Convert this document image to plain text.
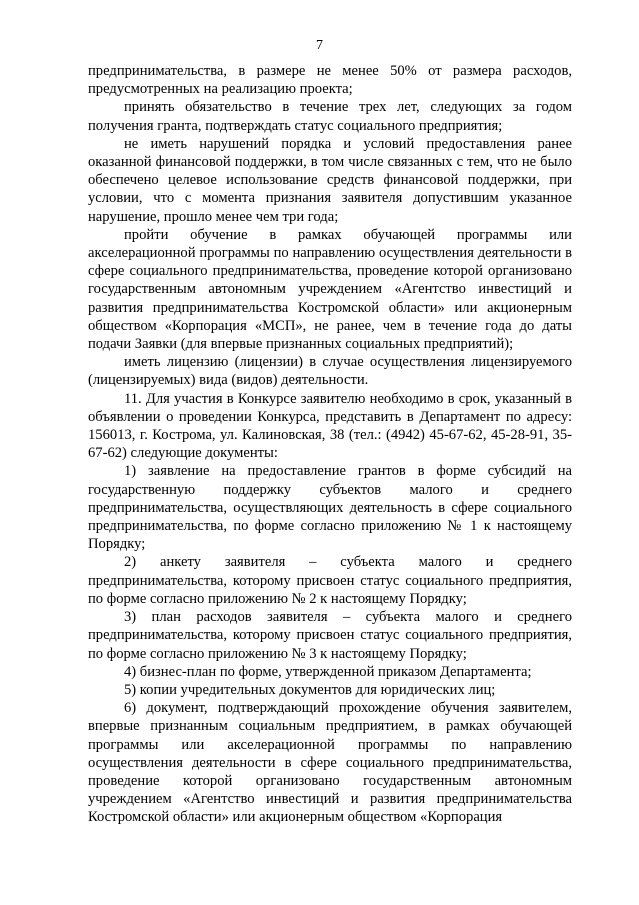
7

предпринимательства, в размере не менее 50% от размера расходов, предусмотренных на реализацию проекта;

принять обязательство в течение трех лет, следующих за годом получения гранта, подтверждать статус социального предприятия;

не иметь нарушений порядка и условий предоставления ранее оказанной финансовой поддержки, в том числе связанных с тем, что не было обеспечено целевое использование средств финансовой поддержки, при условии, что с момента признания заявителя допустившим указанное нарушение, прошло менее чем три года;

пройти обучение в рамках обучающей программы или акселерационной программы по направлению осуществления деятельности в сфере социального предпринимательства, проведение которой организовано государственным автономным учреждением «Агентство инвестиций и развития предпринимательства Костромской области» или акционерным обществом «Корпорация «МСП», не ранее, чем в течение года до даты подачи Заявки (для впервые признанных социальных предприятий);

иметь лицензию (лицензии) в случае осуществления лицензируемого (лицензируемых) вида (видов) деятельности.

11. Для участия в Конкурсе заявителю необходимо в срок, указанный в объявлении о проведении Конкурса, представить в Департамент по адресу: 156013, г. Кострома, ул. Калиновская, 38 (тел.: (4942) 45-67-62, 45-28-91, 35-67-62) следующие документы:

1) заявление на предоставление грантов в форме субсидий на государственную поддержку субъектов малого и среднего предпринимательства, осуществляющих деятельность в сфере социального предпринимательства, по форме согласно приложению № 1 к настоящему Порядку;

2) анкету заявителя – субъекта малого и среднего предпринимательства, которому присвоен статус социального предприятия, по форме согласно приложению № 2 к настоящему Порядку;

3) план расходов заявителя – субъекта малого и среднего предпринимательства, которому присвоен статус социального предприятия, по форме согласно приложению № 3 к настоящему Порядку;

4) бизнес-план по форме, утвержденной приказом Департамента;

5) копии учредительных документов для юридических лиц;

6) документ, подтверждающий прохождение обучения заявителем, впервые признанным социальным предприятием, в рамках обучающей программы или акселерационной программы по направлению осуществления деятельности в сфере социального предпринимательства, проведение которой организовано государственным автономным учреждением «Агентство инвестиций и развития предпринимательства Костромской области» или акционерным обществом «Корпорация
